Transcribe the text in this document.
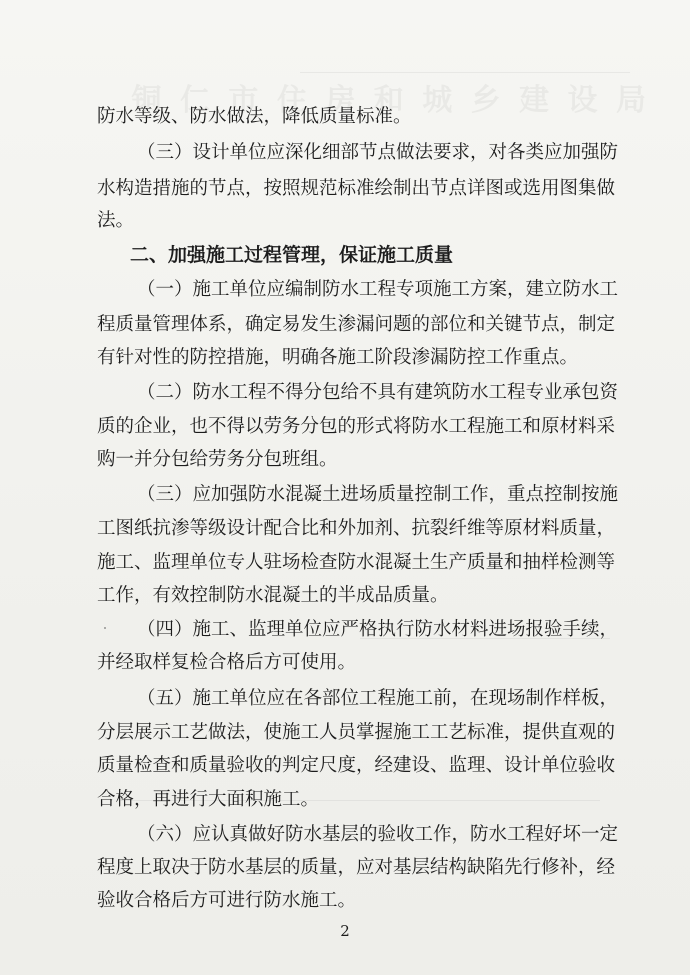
防水等级、防水做法，降低质量标准。
（三）设计单位应深化细部节点做法要求，对各类应加强防
水构造措施的节点，按照规范标准绘制出节点详图或选用图集做
法。
二、加强施工过程管理，保证施工质量
（一）施工单位应编制防水工程专项施工方案，建立防水工
程质量管理体系，确定易发生渗漏问题的部位和关键节点，制定
有针对性的防控措施，明确各施工阶段渗漏防控工作重点。
（二）防水工程不得分包给不具有建筑防水工程专业承包资
质的企业，也不得以劳务分包的形式将防水工程施工和原材料采
购一并分包给劳务分包班组。
（三）应加强防水混凝土进场质量控制工作，重点控制按施
工图纸抗渗等级设计配合比和外加剂、抗裂纤维等原材料质量，
施工、监理单位专人驻场检查防水混凝土生产质量和抽样检测等
工作，有效控制防水混凝土的半成品质量。
（四）施工、监理单位应严格执行防水材料进场报验手续，
并经取样复检合格后方可使用。
（五）施工单位应在各部位工程施工前，在现场制作样板，
分层展示工艺做法，使施工人员掌握施工工艺标准，提供直观的
质量检查和质量验收的判定尺度，经建设、监理、设计单位验收
合格，再进行大面积施工。
（六）应认真做好防水基层的验收工作，防水工程好坏一定
程度上取决于防水基层的质量，应对基层结构缺陷先行修补，经
验收合格后方可进行防水施工。
2
